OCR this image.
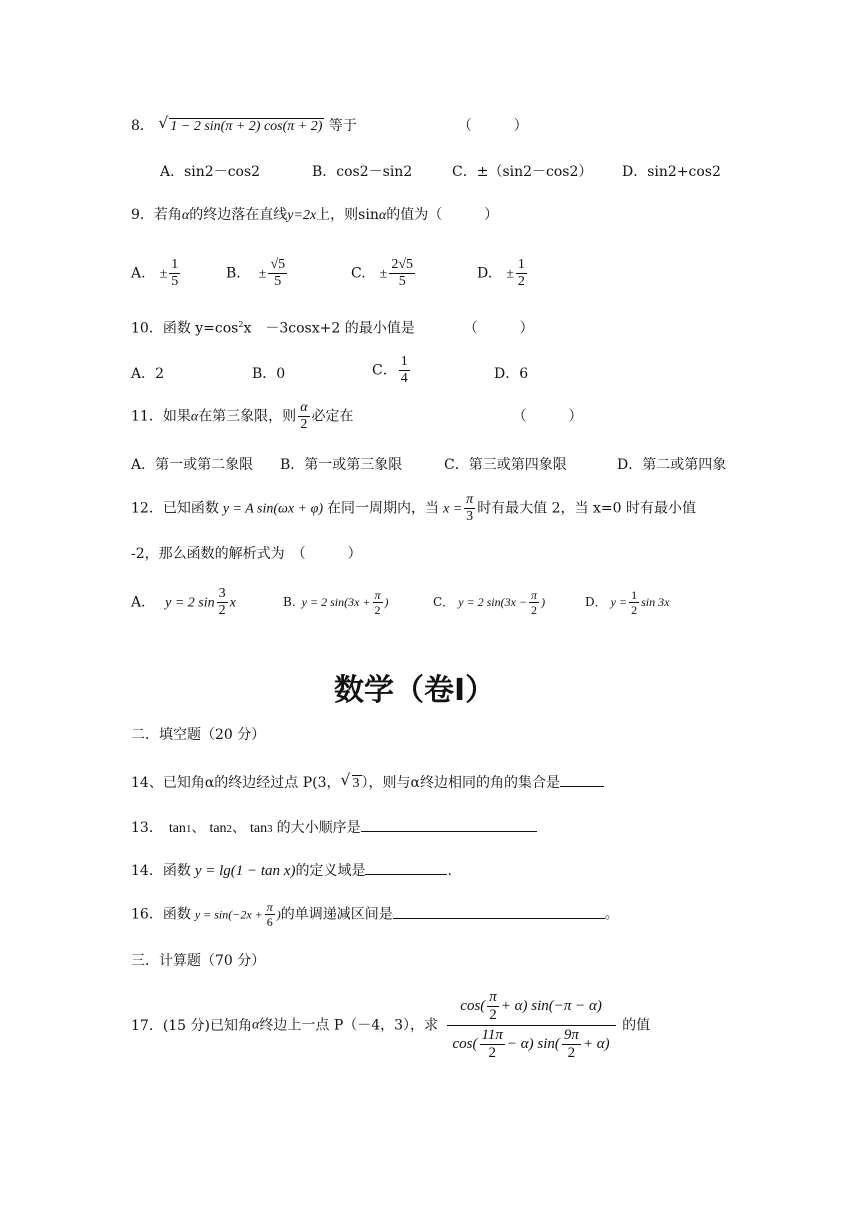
8． √ 1 − 2 sin(π + 2) cos(π + 2) 等于	（　　　）
A．sin2－cos2	B．cos2－sin2	C．±（sin2－cos2） D．sin2+cos2
9．若角α的终边落在直线y=2x上，则sinα的值为（　　　）
A. ± $\frac{1}{5}$	B. ± $\frac{√5}{5}$	C. ± $\frac{2√5}{5}$	D. ± $\frac{1}{2}$
10．函数 $y=\cos^2x$　－3cosx+2 的最小值是	（　　　）
A．2	B．0	C． $\frac{1}{4}$	D．6
11．如果α在第三象限，则 $\frac{\alpha}{2}$ 必定在	（　　　）
A．第一或第二象限 B．第一或第三象限	C．第三或第四象限	D．第二或第四象
12．已知函数 y = A sin(ωx + φ) 在同一周期内，当 $x = \frac{\pi}{3}$ 时有最大值 2，当 x=0 时有最小值
-2，那么函数的解析式为　（　　　）
A． y = 2 $\sin \frac{3}{2}$ x	B. y = 2 $\sin(3x + \frac{\pi}{2}$ )	C． y = 2 $\sin(3x - \frac{\pi}{2}$ )	D． $y = \frac{1}{2}$ sin 3x
数学（卷Ⅰ）
二．填空题（20 分）
14、已知角α的终边经过点 P(3， √ 3 ），则与α终边相同的角的集合是
13． tan1、 tan2、 tan3 的大小顺序是
14．函数 y = lg(1 − tan x)的定义域是	.
16．函数 $y = \sin(-2x + \frac{\pi}{6}$ )的单调递减区间是	。
三．计算题（70 分）
17．(15 分)已知角α终边上一点 P（－4，3），求 $\frac{\cos( \frac{\pi}{2} + \alpha) \sin(-\pi - \alpha)}{\cos( \frac{11\pi}{2} - \alpha) \sin( \frac{9\pi}{2} + \alpha)}$ 的值
